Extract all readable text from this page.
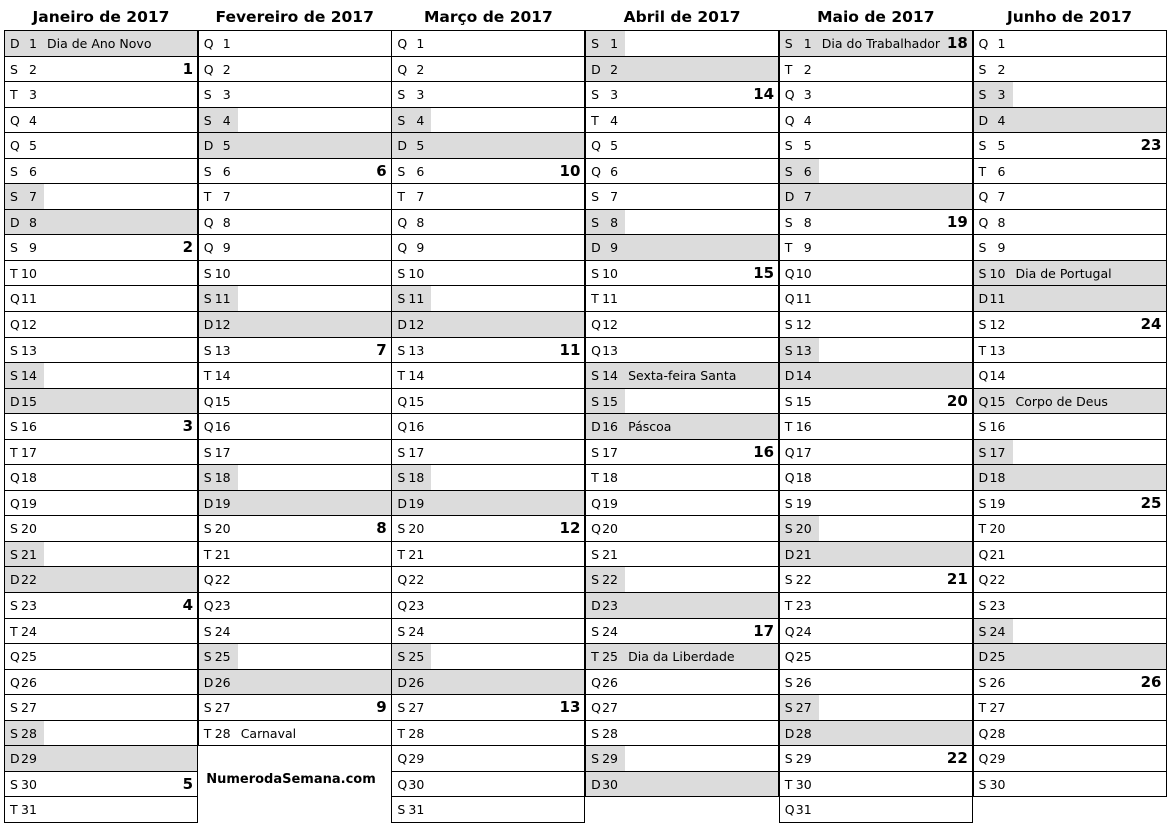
Janeiro de 2017
D 1 Dia de Ano Novo
S 2	1
T 3
Q 4
Q 5
S 6
S 7
D 8
S 9	2
T 10
Q 11
Q 12
S 13
S 14
D 15
S 16	3
T 17
Q 18
Q 19
S 20
S 21
D 22
S 23	4
T 24
Q 25
Q 26
S 27
S 28
D 29
S 30	5
T 31
Fevereiro de 2017
Q 1
Q 2
S 3
S 4
D 5
S 6	6
T 7
Q 8
Q 9
S 10
S 11
D 12
S 13	7
T 14
Q 15
Q 16
S 17
S 18
D 19
S 20	8
T 21
Q 22
Q 23
S 24
S 25
D 26
S 27	9
T 28 Carnaval
Março de 2017
Q 1
Q 2
S 3
S 4
D 5
S 6	10
T 7
Q 8
Q 9
S 10
S 11
D 12
S 13	11
T 14
Q 15
Q 16
S 17
S 18
D 19
S 20	12
T 21
Q 22
Q 23
S 24
S 25
D 26
S 27	13
T 28
Q 29
Q 30
S 31
Abril de 2017
S 1
D 2
S 3	14
T 4
Q 5
Q 6
S 7
S 8
D 9
S 10	15
T 11
Q 12
Q 13
S 14 Sexta-feira Santa
S 15
D 16 Páscoa
S 17	16
T 18
Q 19
Q 20
S 21
S 22
D 23
S 24	17
T 25 Dia da Liberdade
Q 26
Q 27
S 28
S 29
D 30
Maio de 2017
S 1 Dia do Trabalhador 18
T 2
Q 3
Q 4
S 5
S 6
D 7
S 8	19
T 9
Q 10
Q 11
S 12
S 13
D 14
S 15	20
T 16
Q 17
Q 18
S 19
S 20
D 21
S 22	21
T 23
Q 24
Q 25
S 26
S 27
D 28
S 29	22
T 30
Q 31
Junho de 2017
Q 1
S 2
S 3
D 4
S 5	23
T 6
Q 7
Q 8
S 9
S 10 Dia de Portugal
D 11
S 12	24
T 13
Q 14
Q 15 Corpo de Deus
S 16
S 17
D 18
S 19	25
T 20
Q 21
Q 22
S 23
S 24
D 25
S 26	26
T 27
Q 28
Q 29
S 30
NumerodaSemana.com
